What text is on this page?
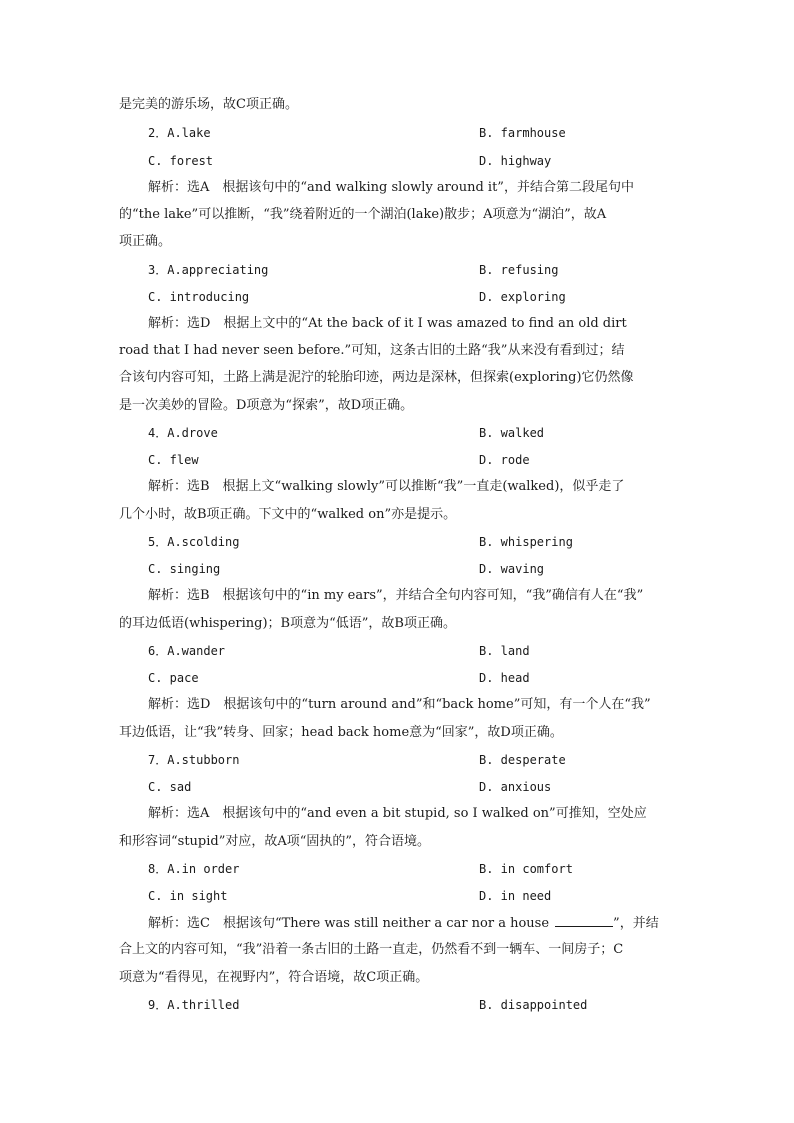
是完美的游乐场，故C项正确。
2．A.lake	B. farmhouse
C. forest	D. highway
解析：选A　根据该句中的“and walking slowly around it”，并结合第二段尾句中
的“the lake”可以推断，“我”绕着附近的一个湖泊(lake)散步；A项意为“湖泊”，故A
项正确。
3．A.appreciating	B. refusing
C. introducing	D. exploring
解析：选D　根据上文中的“At the back of it I was amazed to find an old dirt
road that I had never seen before.”可知，这条古旧的土路“我”从来没有看到过；结
合该句内容可知，土路上满是泥泞的轮胎印迹，两边是深林，但探索(exploring)它仍然像
是一次美妙的冒险。D项意为“探索”，故D项正确。
4．A.drove	B. walked
C. flew	D. rode
解析：选B　根据上文“walking slowly”可以推断“我”一直走(walked)，似乎走了
几个小时，故B项正确。下文中的“walked on”亦是提示。
5．A.scolding	B. whispering
C. singing	D. waving
解析：选B　根据该句中的“in my ears”，并结合全句内容可知，“我”确信有人在“我”
的耳边低语(whispering)；B项意为“低语”，故B项正确。
6．A.wander	B. land
C. pace	D. head
解析：选D　根据该句中的“turn around and”和“back home”可知，有一个人在“我”
耳边低语，让“我”转身、回家；head back home意为“回家”，故D项正确。
7．A.stubborn	B. desperate
C. sad	D. anxious
解析：选A　根据该句中的“and even a bit stupid, so I walked on”可推知，空处应
和形容词“stupid”对应，故A项“固执的”，符合语境。
8．A.in order	B. in comfort
C. in sight	D. in need
解析：选C　根据该句“There was still neither a car nor a house	”，并结
合上文的内容可知，“我”沿着一条古旧的土路一直走，仍然看不到一辆车、一间房子；C
项意为“看得见，在视野内”，符合语境，故C项正确。
9．A.thrilled	B. disappointed
